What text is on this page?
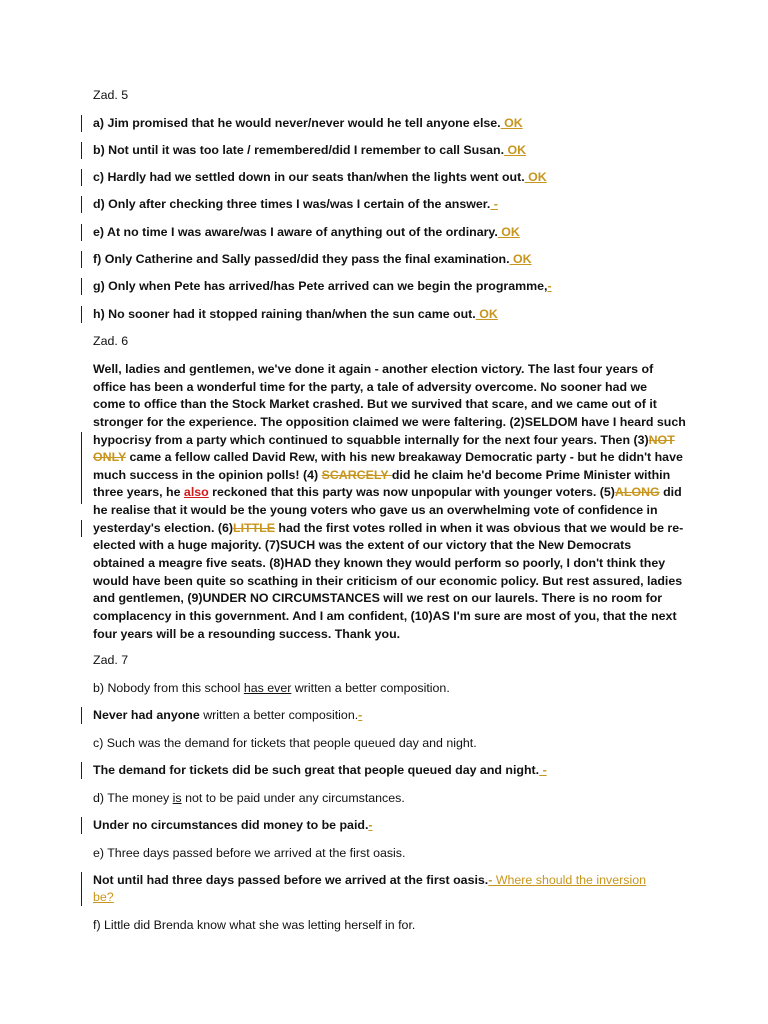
Zad. 5
a) Jim promised that he would never/never would he tell anyone else. OK
b) Not until it was too late / remembered/did I remember to call Susan. OK
c) Hardly had we settled down in our seats than/when the lights went out. OK
d) Only after checking three times I was/was I certain of the answer. -
e) At no time I was aware/was I aware of anything out of the ordinary. OK
f) Only Catherine and Sally passed/did they pass the final examination. OK
g) Only when Pete has arrived/has Pete arrived can we begin the programme,-
h) No sooner had it stopped raining than/when the sun came out. OK
Zad. 6
Well, ladies and gentlemen, we've done it again - another election victory. The last four years of
office has been a wonderful time for the party, a tale of adversity overcome. No sooner had we
come to office than the Stock Market crashed. But we survived that scare, and we came out of it
stronger for the experience. The opposition claimed we were faltering. (2)SELDOM have I heard such
hypocrisy from a party which continued to squabble internally for the next four years. Then (3)NOT
ONLY came a fellow called David Rew, with his new breakaway Democratic party - but he didn't have
much success in the opinion polls! (4) SCARCELY did he claim he'd become Prime Minister within
three years, he also reckoned that this party was now unpopular with younger voters. (5)ALONG did
he realise that it would be the young voters who gave us an overwhelming vote of confidence in
yesterday's election. (6)LITTLE had the first votes rolled in when it was obvious that we would be re-
elected with a huge majority. (7)SUCH was the extent of our victory that the New Democrats
obtained a meagre five seats. (8)HAD they known they would perform so poorly, I don't think they
would have been quite so scathing in their criticism of our economic policy. But rest assured, ladies
and gentlemen, (9)UNDER NO CIRCUMSTANCES will we rest on our laurels. There is no room for
complacency in this government. And I am confident, (10)AS I'm sure are most of you, that the next
four years will be a resounding success. Thank you.
Zad. 7
b) Nobody from this school has ever written a better composition.
Never had anyone written a better composition.-
c) Such was the demand for tickets that people queued day and night.
The demand for tickets did be such great that people queued day and night. -
d) The money is not to be paid under any circumstances.
Under no circumstances did money to be paid.-
e) Three days passed before we arrived at the first oasis.
Not until had three days passed before we arrived at the first oasis.- Where should the inversion
be?
f) Little did Brenda know what she was letting herself in for.
